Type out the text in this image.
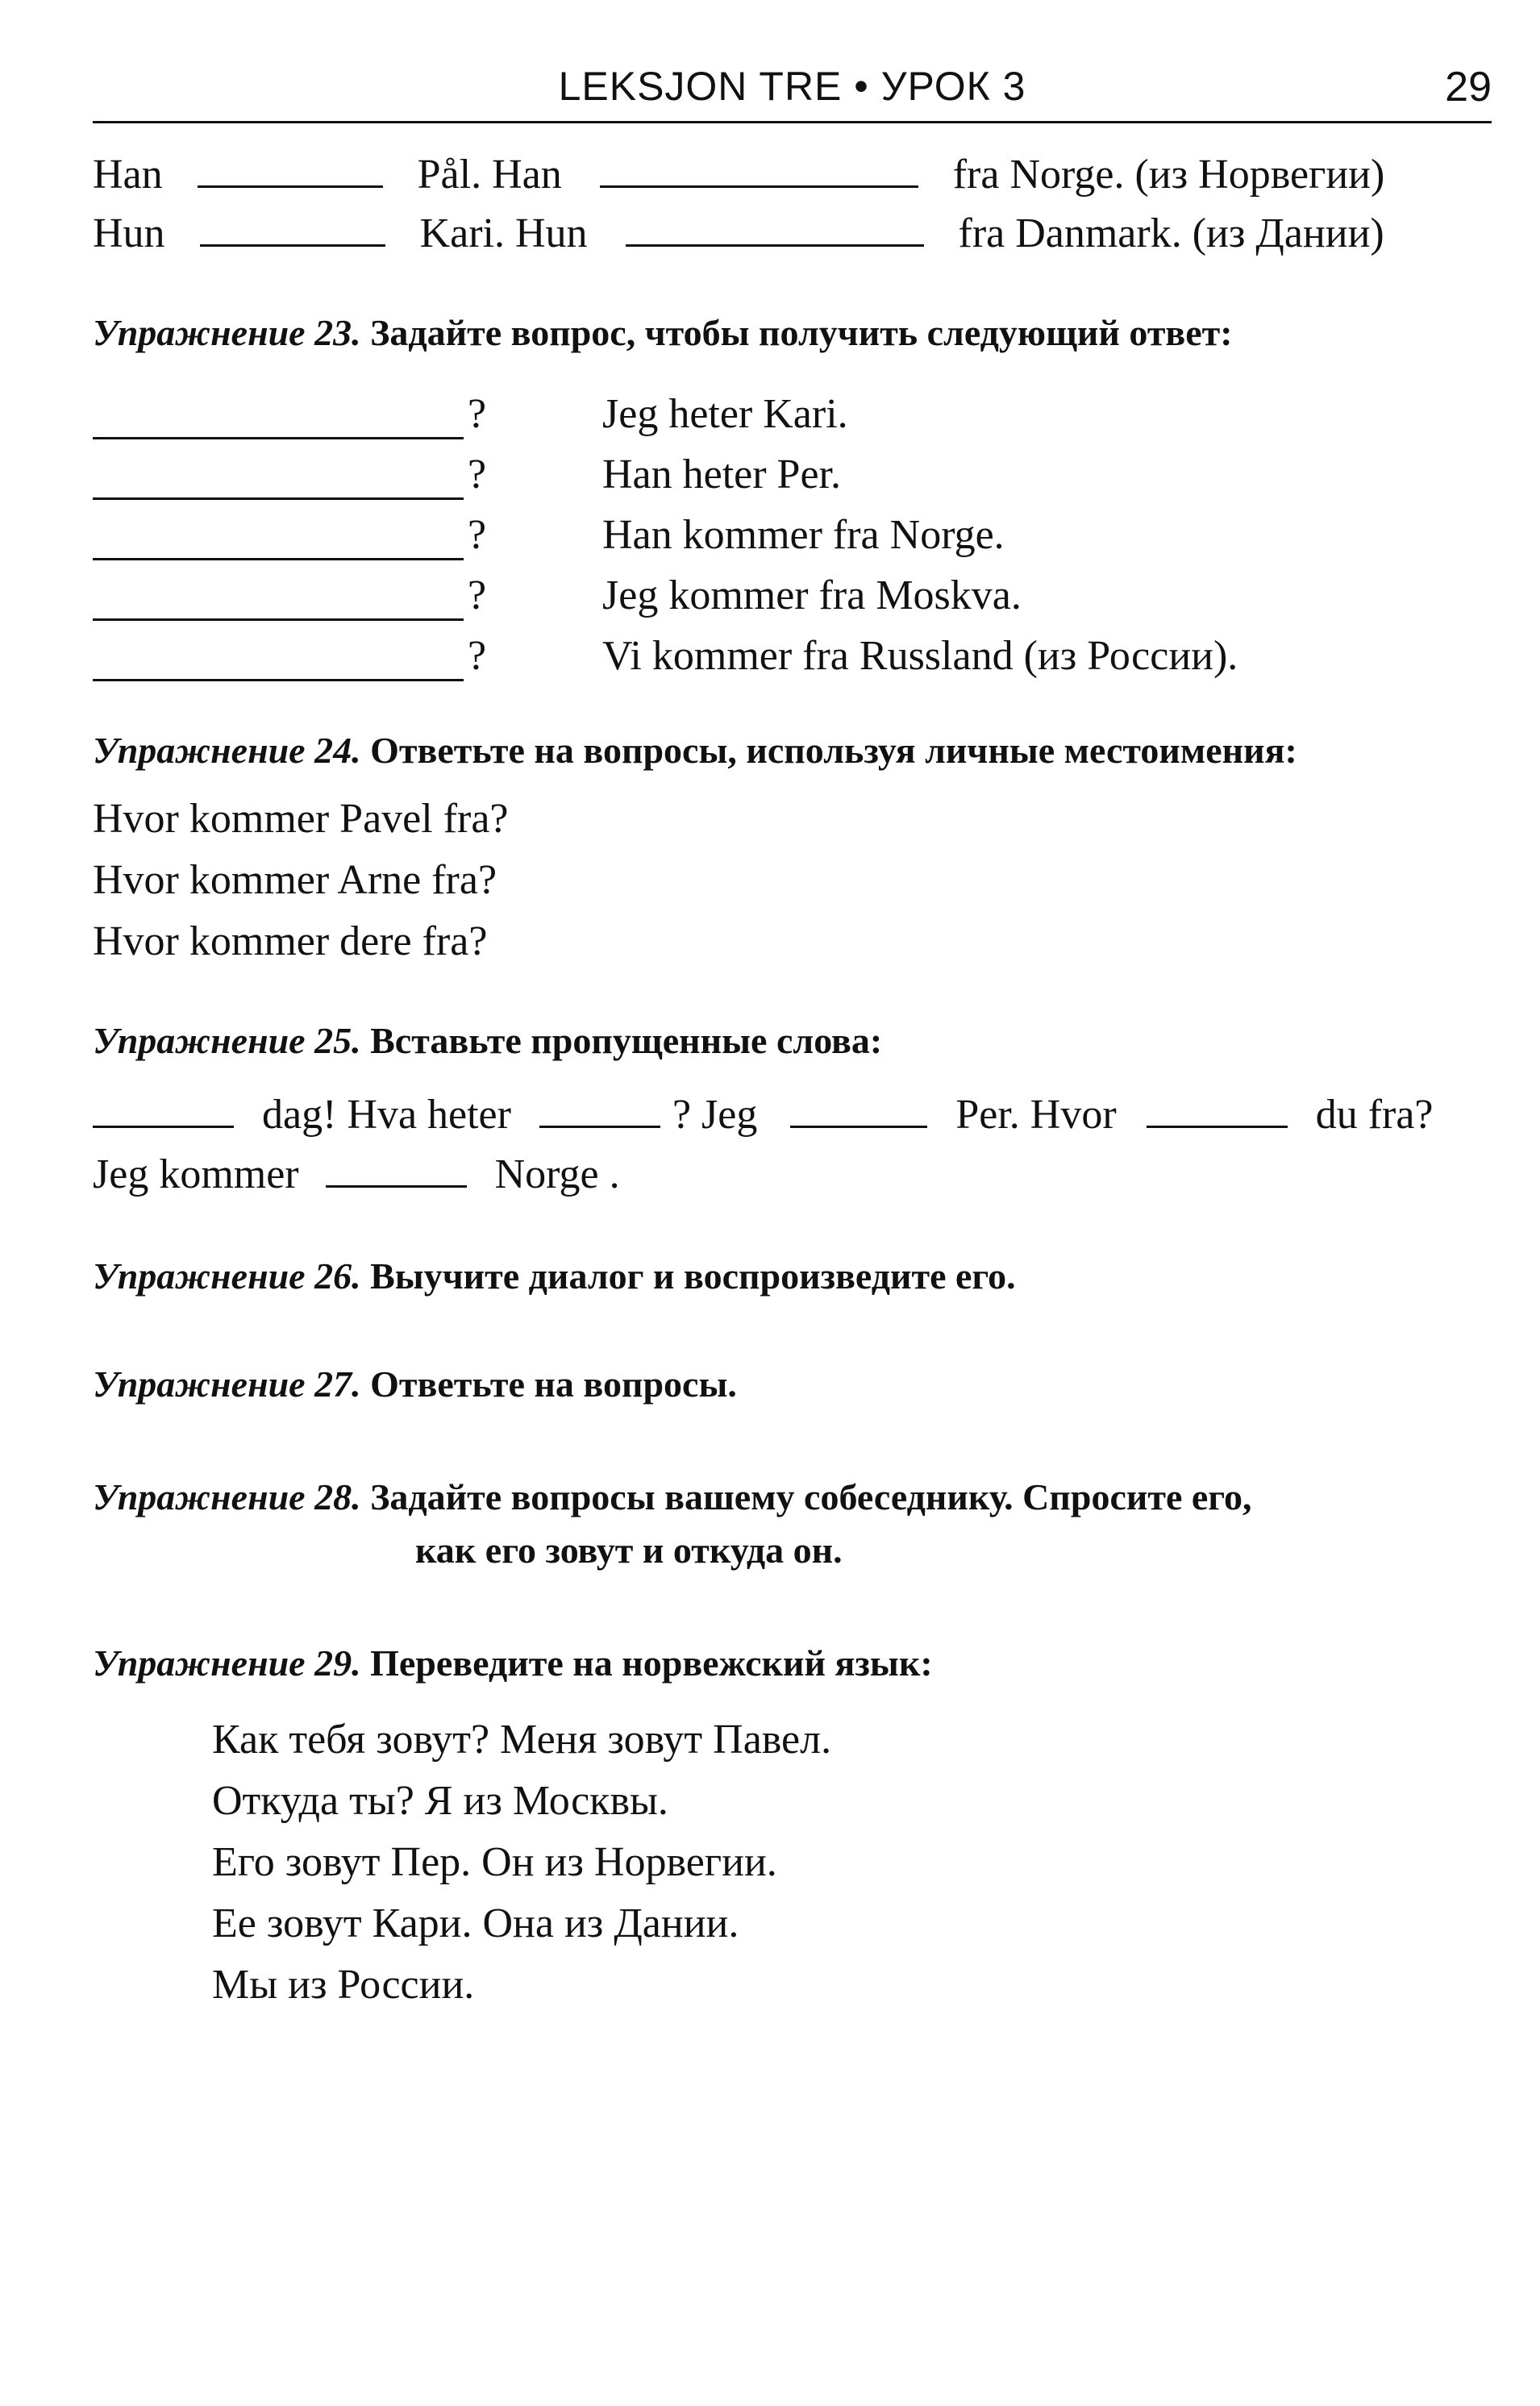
LEKSJON TRE • УРОК 3	29
Han	Pål. Han	fra Norge. (из Норвегии)
Hun	Kari. Hun	fra Danmark. (из Дании)
Упражнение 23. Задайте вопрос, чтобы получить следующий ответ:
?	Jeg heter Kari.
?	Han heter Per.
?	Han kommer fra Norge.
?	Jeg kommer fra Moskva.
?	Vi kommer fra Russland (из России).
Упражнение 24. Ответьте на вопросы, используя личные местоимения:
Hvor kommer Pavel fra?
Hvor kommer Arne fra?
Hvor kommer dere fra?
Упражнение 25. Вставьте пропущенные слова:
dag! Hva heter	? Jeg	Per. Hvor	du fra?
Jeg kommer	Norge .
Упражнение 26. Выучите диалог и воспроизведите его.
Упражнение 27. Ответьте на вопросы.
Упражнение 28. Задайте вопросы вашему собеседнику. Спросите его,
как его зовут и откуда он.
Упражнение 29. Переведите на норвежский язык:
Как тебя зовут? Меня зовут Павел.
Откуда ты? Я из Москвы.
Его зовут Пер. Он из Норвегии.
Ее зовут Кари. Она из Дании.
Мы из России.
